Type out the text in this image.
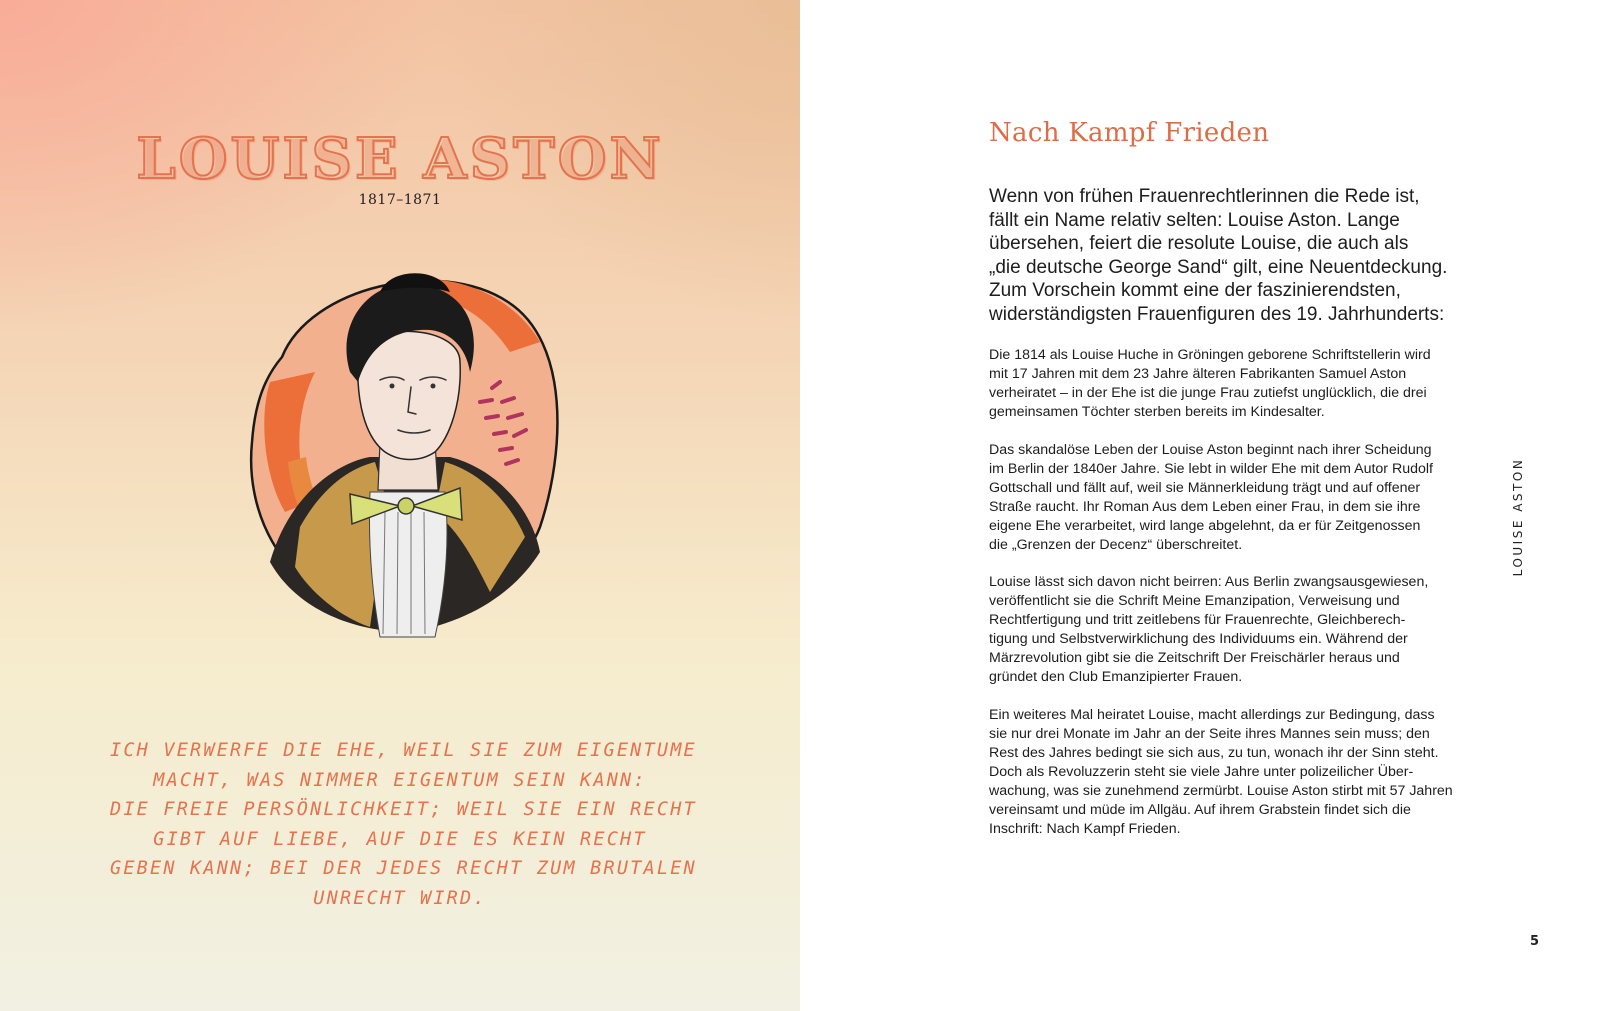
LOUISE ASTON
1817–1871
ICH VERWERFE DIE EHE, WEIL SIE ZUM EIGENTUME
MACHT, WAS NIMMER EIGENTUM SEIN KANN:
DIE FREIE PERSÖNLICHKEIT; WEIL SIE EIN RECHT
GIBT AUF LIEBE, AUF DIE ES KEIN RECHT
GEBEN KANN; BEI DER JEDES RECHT ZUM BRUTALEN
UNRECHT WIRD.
Nach Kampf Frieden
Wenn von frühen Frauenrechtlerinnen die Rede ist,
fällt ein Name relativ selten: Louise Aston. Lange
übersehen, feiert die resolute Louise, die auch als
„die deutsche George Sand“ gilt, eine Neuentdeckung.
Zum Vorschein kommt eine der faszinierendsten,
widerständigsten Frauenfiguren des 19. Jahrhunderts:
Die 1814 als Louise Huche in Gröningen geborene Schriftstellerin wird
mit 17 Jahren mit dem 23 Jahre älteren Fabrikanten Samuel Aston
verheiratet – in der Ehe ist die junge Frau zutiefst unglücklich, die drei
gemeinsamen Töchter sterben bereits im Kindesalter.
Das skandalöse Leben der Louise Aston beginnt nach ihrer Scheidung
im Berlin der 1840er Jahre. Sie lebt in wilder Ehe mit dem Autor Rudolf
Gottschall und fällt auf, weil sie Männerkleidung trägt und auf offener
Straße raucht. Ihr Roman Aus dem Leben einer Frau, in dem sie ihre
eigene Ehe verarbeitet, wird lange abgelehnt, da er für Zeitgenossen
die „Grenzen der Decenz“ überschreitet.
Louise lässt sich davon nicht beirren: Aus Berlin zwangsausgewiesen,
veröffentlicht sie die Schrift Meine Emanzipation, Verweisung und
Rechtfertigung und tritt zeitlebens für Frauenrechte, Gleichberech-
tigung und Selbstverwirklichung des Individuums ein. Während der
Märzrevolution gibt sie die Zeitschrift Der Freischärler heraus und
gründet den Club Emanzipierter Frauen.
Ein weiteres Mal heiratet Louise, macht allerdings zur Bedingung, dass
sie nur drei Monate im Jahr an der Seite ihres Mannes sein muss; den
Rest des Jahres bedingt sie sich aus, zu tun, wonach ihr der Sinn steht.
Doch als Revoluzzerin steht sie viele Jahre unter polizeilicher Über-
wachung, was sie zunehmend zermürbt. Louise Aston stirbt mit 57 Jahren
vereinsamt und müde im Allgäu. Auf ihrem Grabstein findet sich die
Inschrift: Nach Kampf Frieden.
LOUISE ASTON
5
